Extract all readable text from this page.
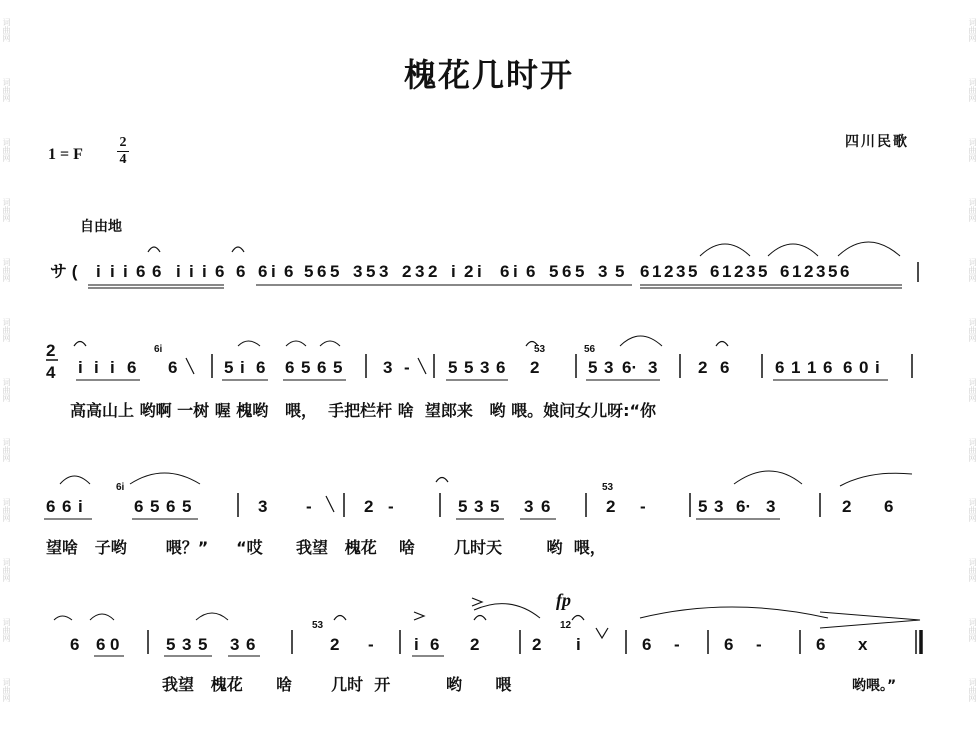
词曲网
词曲网
词曲网
词曲网
词曲网
词曲网
词曲网
词曲网
词曲网
词曲网
词曲网
词曲网
词曲网
词曲网
词曲网
词曲网
词曲网
词曲网
词曲网
词曲网
词曲网
词曲网
词曲网
词曲网
槐花几时开
1 = F
2
4
四川民歌
自由地
i i i 6 6 i i i 6 6 6 i 6 5 6 5 3 5 3 2 3 2 i 2 i 6 i 6 5 6 5 3 5 6 1 2 3 5 6 1 2 3 5 6 1 2 3 5 6
i i i 6 6	5 i 6 6 5 6 5 3 - 5 5 3 6 2	5 3 6· 3 2 6	6 1 1 6 6 0 i
6 6 i	6 5 6 5	3 -	2 -	5 3 5 3 6	2 -	5 3 6· 3	2 6
6 6 0	5 3 5 3 6	2 - i 6 2	2 i	6 -	6 -	6 x
サ (
2
4
6i	53	56
6i	53
fp
53	12
高高山上 哟啊 一树 喔 槐哟   喂，  手把栏杆 啥  望郎来   哟 喂。娘问女儿呀:“你
望啥   子哟       喂？”     “哎      我望   槐花    啥       几时天        哟  喂，
我望   槐花      啥       几时  开          哟      喂	哟喂。”
